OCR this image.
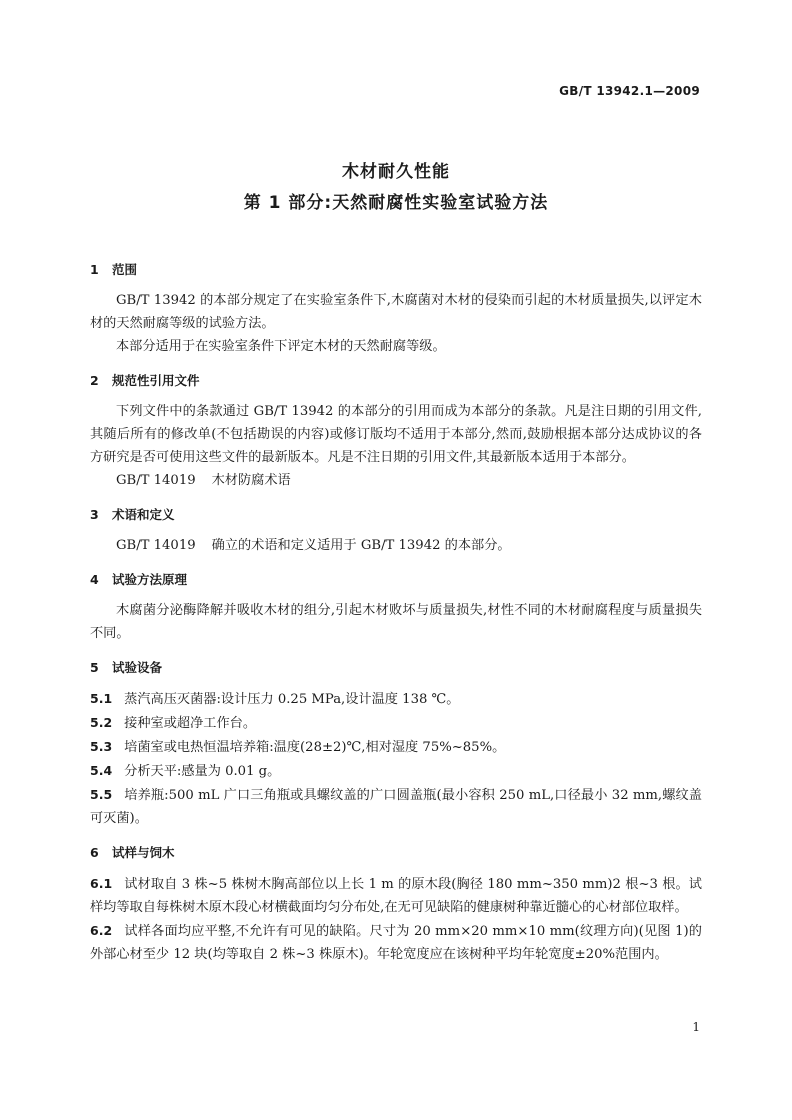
GB/T 13942.1—2009
木材耐久性能
第 1 部分:天然耐腐性实验室试验方法
1	范围

GB/T 13942 的本部分规定了在实验室条件下,木腐菌对木材的侵染而引起的木材质量损失,以评定木材的天然耐腐等级的试验方法。

本部分适用于在实验室条件下评定木材的天然耐腐等级。

2	规范性引用文件

下列文件中的条款通过 GB/T 13942 的本部分的引用而成为本部分的条款。凡是注日期的引用文件,其随后所有的修改单(不包括勘误的内容)或修订版均不适用于本部分,然而,鼓励根据本部分达成协议的各方研究是否可使用这些文件的最新版本。凡是不注日期的引用文件,其最新版本适用于本部分。

GB/T 14019 木材防腐术语

3	术语和定义

GB/T 14019 确立的术语和定义适用于 GB/T 13942 的本部分。

4	试验方法原理

木腐菌分泌酶降解并吸收木材的组分,引起木材败坏与质量损失,材性不同的木材耐腐程度与质量损失不同。

5	试验设备

5.1 蒸汽高压灭菌器:设计压力 0.25 MPa,设计温度 138 ℃。

5.2 接种室或超净工作台。

5.3 培菌室或电热恒温培养箱:温度(28±2)℃,相对湿度 75%~85%。

5.4 分析天平:感量为 0.01 g。

5.5 培养瓶:500 mL 广口三角瓶或具螺纹盖的广口圆盖瓶(最小容积 250 mL,口径最小 32 mm,螺纹盖可灭菌)。

6	试样与饲木

6.1 试材取自 3 株~5 株树木胸高部位以上长 1 m 的原木段(胸径 180 mm~350 mm)2 根~3 根。试样均等取自每株树木原木段心材横截面均匀分布处,在无可见缺陷的健康树种靠近髓心的心材部位取样。

6.2 试样各面均应平整,不允许有可见的缺陷。尺寸为 20 mm×20 mm×10 mm(纹理方向)(见图 1)的外部心材至少 12 块(均等取自 2 株~3 株原木)。年轮宽度应在该树种平均年轮宽度±20%范围内。

1
